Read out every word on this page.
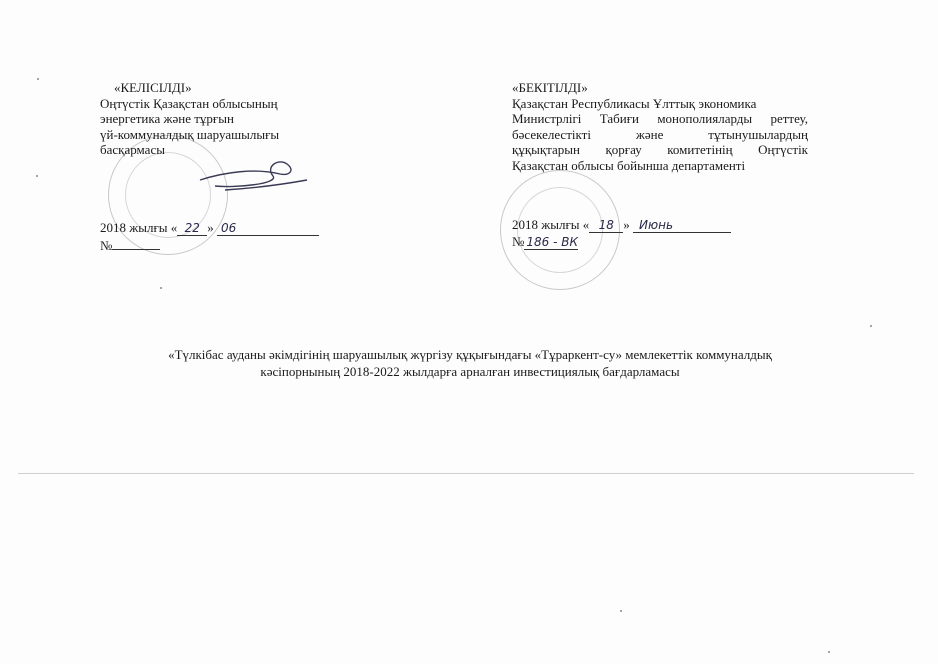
«КЕЛІСІЛДІ»
Оңтүстік Қазақстан облысының
энергетика және тұрғын
үй-коммуналдық шаруашылығы
басқармасы
2018 жылғы « 22 » 06
№
«БЕКІТІЛДІ»
Қазақстан Республикасы Ұлттық экономика
Министрлігі Табиғи монополияларды реттеу,
бәсекелестікті және тұтынушылардың
құқықтарын қорғау комитетінің Оңтүстік
Қазақстан облысы бойынша департаменті
2018 жылғы « 18 » Июнь
№ 186 - ВК
«Түлкібас ауданы әкімдігінің шаруашылық жүргізу құқығындағы «Тұраркент-су» мемлекеттік коммуналдық
кәсіпорнының 2018-2022 жылдарға арналған инвестициялық бағдарламасы
